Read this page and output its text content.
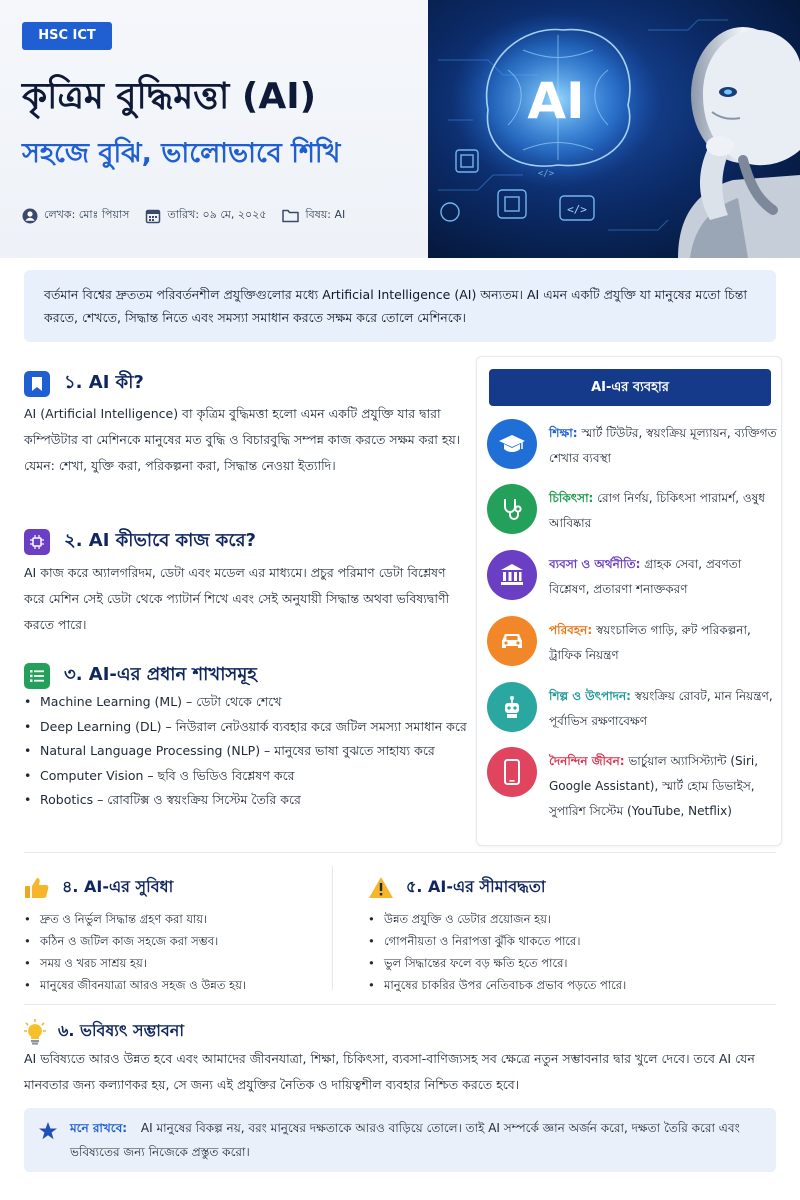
HSC ICT
কৃত্রিম বুদ্ধিমত্তা (AI)
সহজে বুঝি, ভালোভাবে শিখি
লেখক: মোঃ পিয়াস	তারিখ: ০৯ মে, ২০২৫	বিষয়: AI
AI
</>
</>
বর্তমান বিশ্বের দ্রুততম পরিবর্তনশীল প্রযুক্তিগুলোর মধ্যে Artificial Intelligence (AI) অন্যতম। AI এমন একটি প্রযুক্তি যা মানুষের মতো চিন্তা করতে, শেখতে, সিদ্ধান্ত নিতে এবং সমস্যা সমাধান করতে সক্ষম করে তোলে মেশিনকে।
১. AI কী?
AI (Artificial Intelligence) বা কৃত্রিম বুদ্ধিমত্তা হলো এমন একটি প্রযুক্তি যার দ্বারা কম্পিউটার বা মেশিনকে মানুষের মত বুদ্ধি ও বিচারবুদ্ধি সম্পন্ন কাজ করতে সক্ষম করা হয়। যেমন: শেখা, যুক্তি করা, পরিকল্পনা করা, সিদ্ধান্ত নেওয়া ইত্যাদি।
২. AI কীভাবে কাজ করে?
AI কাজ করে অ্যালগরিদম, ডেটা এবং মডেল এর মাধ্যমে। প্রচুর পরিমাণ ডেটা বিশ্লেষণ করে মেশিন সেই ডেটা থেকে প্যাটার্ন শিখে এবং সেই অনুযায়ী সিদ্ধান্ত অথবা ভবিষ্যদ্বাণী করতে পারে।
৩. AI-এর প্রধান শাখাসমূহ
• Machine Learning (ML) – ডেটা থেকে শেখে
• Deep Learning (DL) – নিউরাল নেটওয়ার্ক ব্যবহার করে জটিল সমস্যা সমাধান করে
• Natural Language Processing (NLP) – মানুষের ভাষা বুঝতে সাহায্য করে
• Computer Vision – ছবি ও ভিডিও বিশ্লেষণ করে
• Robotics – রোবটিক্স ও স্বয়ংক্রিয় সিস্টেম তৈরি করে
AI-এর ব্যবহার
শিক্ষা: স্মার্ট টিউটর, স্বয়ংক্রিয় মূল্যায়ন, ব্যক্তিগত শেখার ব্যবস্থা
চিকিৎসা: রোগ নির্ণয়, চিকিৎসা পারামর্শ, ওষুধ আবিষ্কার
ব্যবসা ও অর্থনীতি: গ্রাহক সেবা, প্রবণতা বিশ্লেষণ, প্রতারণা শনাক্তকরণ
পরিবহন: স্বয়ংচালিত গাড়ি, রুট পরিকল্পনা, ট্রাফিক নিয়ন্ত্রণ
শিল্প ও উৎপাদন: স্বয়ংক্রিয় রোবট, মান নিয়ন্ত্রণ, পূর্বাভিস রক্ষণাবেক্ষণ
দৈনন্দিন জীবন: ভার্চুয়াল অ্যাসিস্ট্যান্ট (Siri, Google Assistant), স্মার্ট হোম ডিভাইস, সুপারিশ সিস্টেম (YouTube, Netflix)
৪. AI-এর সুবিধা
• দ্রুত ও নির্ভুল সিদ্ধান্ত গ্রহণ করা যায়।
• কঠিন ও জটিল কাজ সহজে করা সম্ভব।
• সময় ও খরচ সাশ্রয় হয়।
• মানুষের জীবনযাত্রা আরও সহজ ও উন্নত হয়।
৫. AI-এর সীমাবদ্ধতা
• উন্নত প্রযুক্তি ও ডেটার প্রয়োজন হয়।
• গোপনীয়তা ও নিরাপত্তা ঝুঁকি থাকতে পারে।
• ভুল সিদ্ধান্তের ফলে বড় ক্ষতি হতে পারে।
• মানুষের চাকরির উপর নেতিবাচক প্রভাব পড়তে পারে।
৬. ভবিষ্যৎ সম্ভাবনা
AI ভবিষ্যতে আরও উন্নত হবে এবং আমাদের জীবনযাত্রা, শিক্ষা, চিকিৎসা, ব্যবসা-বাণিজ্যসহ সব ক্ষেত্রে নতুন সম্ভাবনার দ্বার খুলে দেবে। তবে AI যেন মানবতার জন্য কল্যাণকর হয়, সে জন্য এই প্রযুক্তির নৈতিক ও দায়িত্বশীল ব্যবহার নিশ্চিত করতে হবে।
মনে রাখবে: AI মানুষের বিকল্প নয়, বরং মানুষের দক্ষতাকে আরও বাড়িয়ে তোলে। তাই AI সম্পর্কে জ্ঞান অর্জন করো, দক্ষতা তৈরি করো এবং ভবিষ্যতের জন্য নিজেকে প্রস্তুত করো।
